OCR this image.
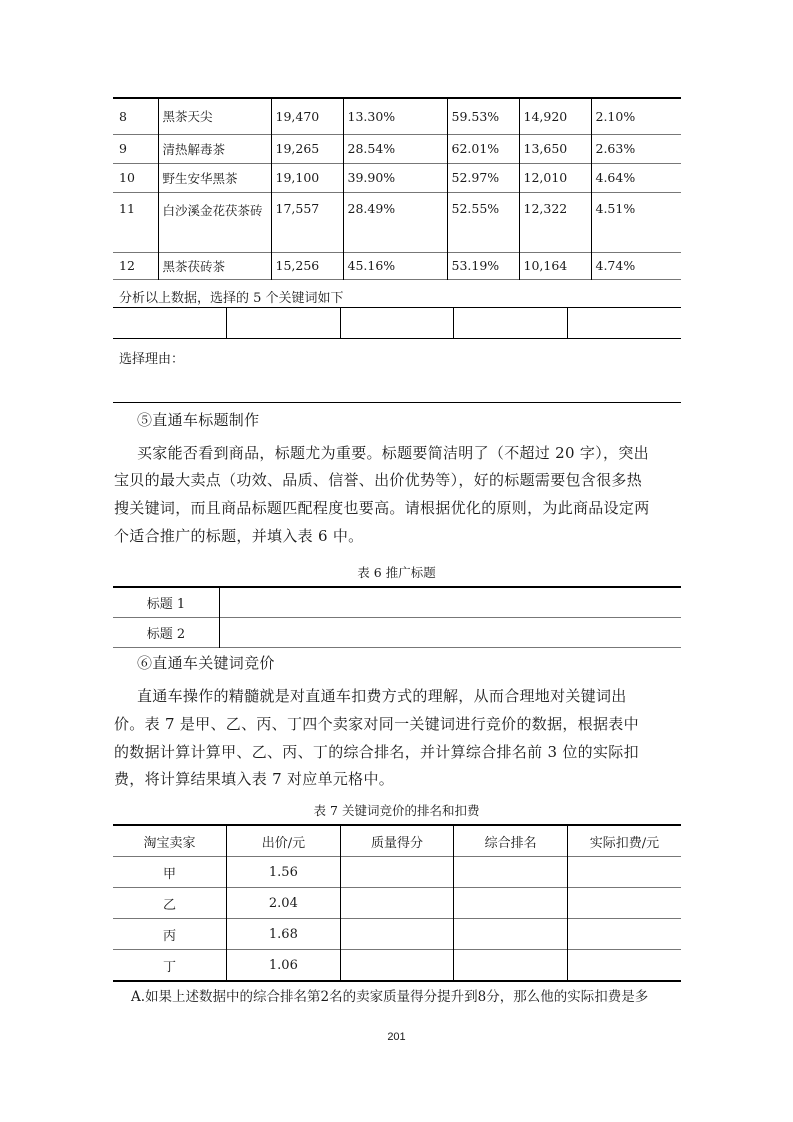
8	黑茶天尖	19,470	13.30%	59.53%	14,920	2.10%
9	清热解毒茶	19,265	28.54%	62.01%	13,650	2.63%
10	野生安华黑茶	19,100	39.90%	52.97%	12,010	4.64%
11	白沙溪金花茯茶砖	17,557	28.49%	52.55%	12,322	4.51%
12	黑茶茯砖茶	15,256	45.16%	53.19%	10,164	4.74%
分析以上数据，选择的 5 个关键词如下
选择理由：
⑤直通车标题制作
买家能否看到商品，标题尤为重要。标题要简洁明了（不超过 20 字），突出
宝贝的最大卖点（功效、品质、信誉、出价优势等），好的标题需要包含很多热
搜关键词，而且商品标题匹配程度也要高。请根据优化的原则，为此商品设定两
个适合推广的标题，并填入表 6 中。
表 6 推广标题
标题 1	
标题 2	
⑥直通车关键词竞价
直通车操作的精髓就是对直通车扣费方式的理解，从而合理地对关键词出
价。表 7 是甲、乙、丙、丁四个卖家对同一关键词进行竞价的数据，根据表中
的数据计算计算甲、乙、丙、丁的综合排名，并计算综合排名前 3 位的实际扣
费，将计算结果填入表 7 对应单元格中。
表 7 关键词竞价的排名和扣费
淘宝卖家	出价/元	质量得分	综合排名	实际扣费/元
甲	1.56			
乙	2.04			
丙	1.68			
丁	1.06			
A.如果上述数据中的综合排名第2名的卖家质量得分提升到8分，那么他的实际扣费是多
201
